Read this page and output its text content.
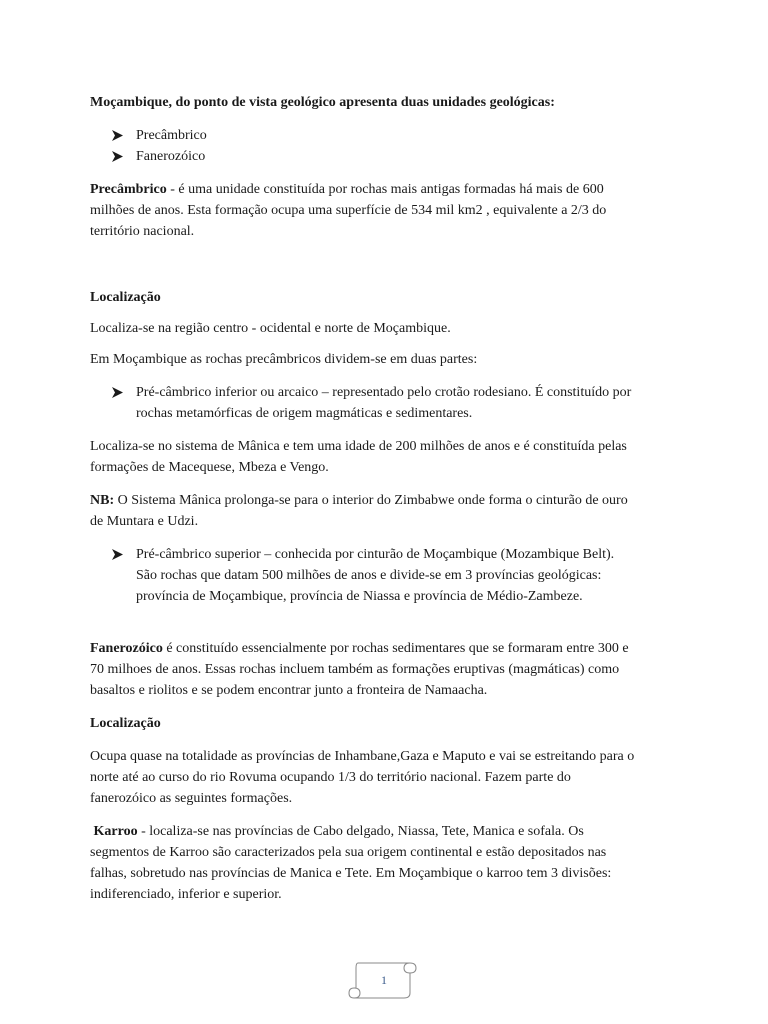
Moçambique, do ponto de vista geológico apresenta duas unidades geológicas:
Precâmbrico
Fanerozóico

Precâmbrico - é uma unidade constituída por rochas mais antigas formadas há mais de 600

milhões de anos. Esta formação ocupa uma superfície de 534 mil km2 , equivalente a 2/3 do

território nacional.

Localização
Localiza-se na região centro - ocidental e norte de Moçambique.
Em Moçambique as rochas precâmbricos dividem-se em duas partes:

Pré-câmbrico inferior ou arcaico – representado pelo crotão rodesiano. É constituído por

rochas metamórficas de origem magmáticas e sedimentares.

Localiza-se no sistema de Mânica e tem uma idade de 200 milhões de anos e é constituída pelas

formações de Macequese, Mbeza e Vengo.

NB: O Sistema Mânica prolonga-se para o interior do Zimbabwe onde forma o cinturão de ouro

de Muntara e Udzi.

Pré-câmbrico superior – conhecida por cinturão de Moçambique (Mozambique Belt).

São rochas que datam 500 milhões de anos e divide-se em 3 províncias geológicas:

província de Moçambique, província de Niassa e província de Médio-Zambeze.

Fanerozóico é constituído essencialmente por rochas sedimentares que se formaram entre 300 e

70 milhoes de anos. Essas rochas incluem também as formações eruptivas (magmáticas) como

basaltos e riolitos e se podem encontrar junto a fronteira de Namaacha.

Localização

Ocupa quase na totalidade as províncias de Inhambane,Gaza e Maputo e vai se estreitando para o

norte até ao curso do rio Rovuma ocupando 1/3 do território nacional. Fazem parte do

fanerozóico as seguintes formações.

Karroo - localiza-se nas províncias de Cabo delgado, Niassa, Tete, Manica e sofala. Os

segmentos de Karroo são caracterizados pela sua origem continental e estão depositados nas

falhas, sobretudo nas províncias de Manica e Tete. Em Moçambique o karroo tem 3 divisões:

indiferenciado, inferior e superior.

1
